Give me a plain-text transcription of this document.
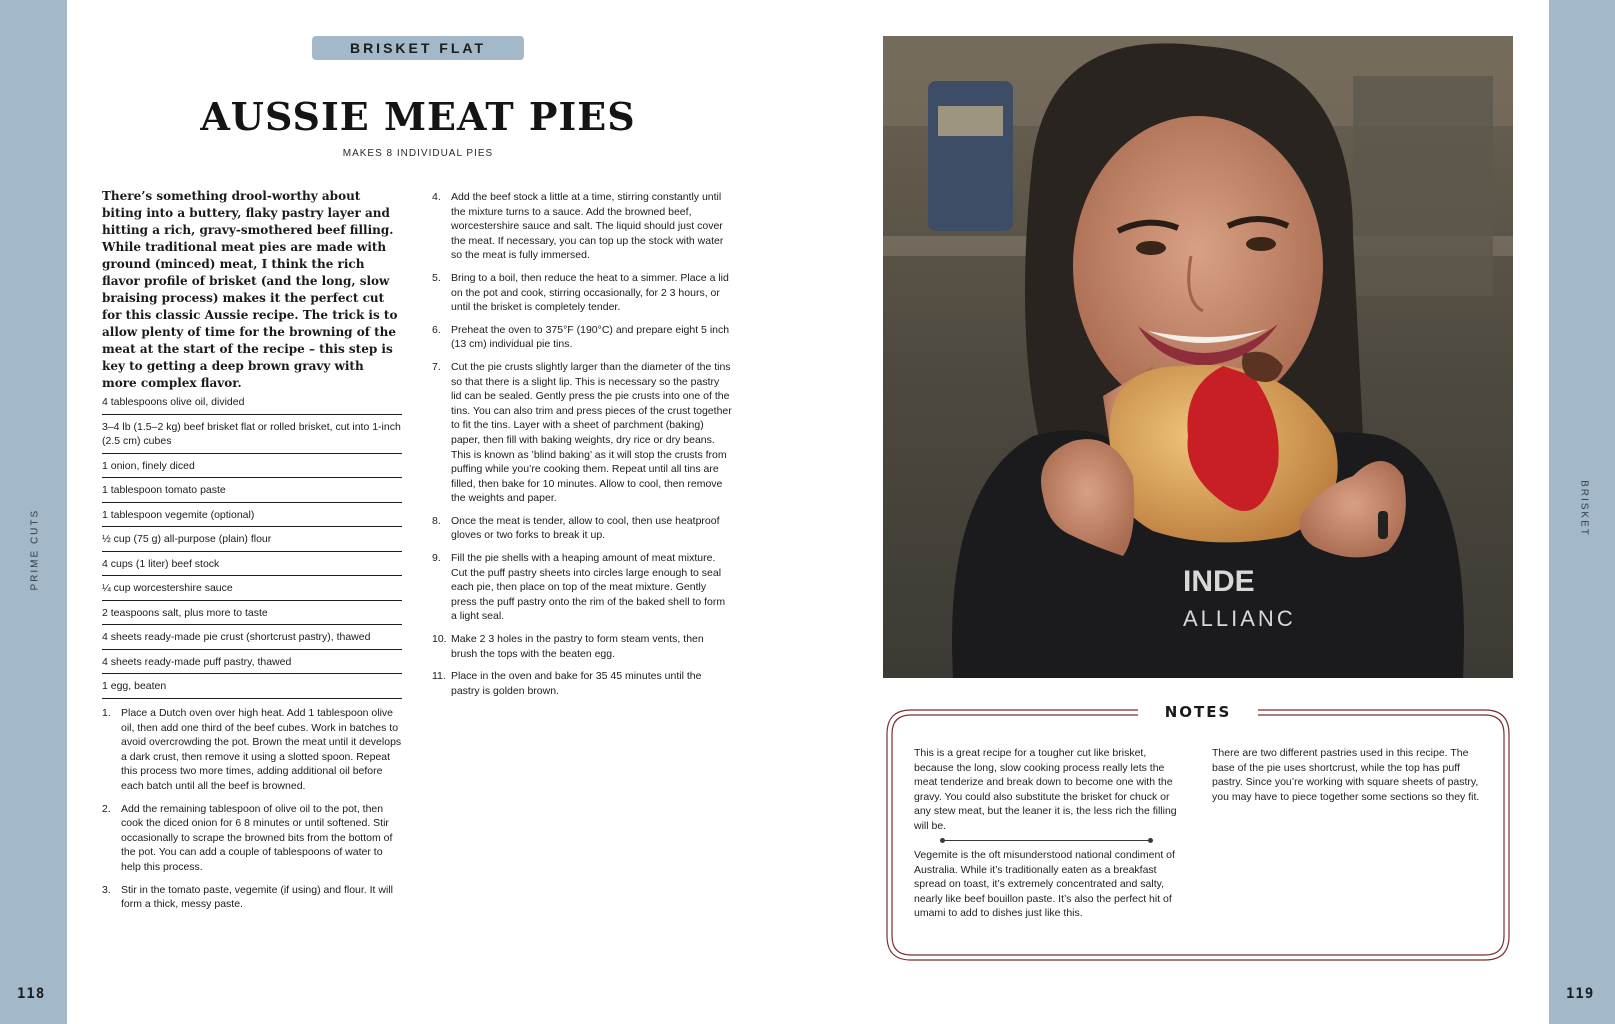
PRIME CUTS
BRISKET
118	119
BRISKET FLAT
AUSSIE MEAT PIES
MAKES 8 INDIVIDUAL PIES

There’s something drool-worthy about biting into a buttery, flaky pastry layer and hitting a rich, gravy-smothered beef filling. While traditional meat pies are made with ground (minced) meat, I think the rich flavor profile of brisket (and the long, slow braising process) makes it the perfect cut for this classic Aussie recipe. The trick is to allow plenty of time for the browning of the meat at the start of the recipe – this step is key to getting a deep brown gravy with more complex flavor.

4 tablespoons olive oil, divided
3–4 lb (1.5–2 kg) beef brisket flat or rolled brisket, cut into 1-inch (2.5 cm) cubes
1 onion, finely diced
1 tablespoon tomato paste
1 tablespoon vegemite (optional)
½ cup (75 g) all-purpose (plain) flour
4 cups (1 liter) beef stock
¼ cup worcestershire sauce
2 teaspoons salt, plus more to taste
4 sheets ready-made pie crust (shortcrust pastry), thawed
4 sheets ready-made puff pastry, thawed
1 egg, beaten
1. Place a Dutch oven over high heat. Add 1 tablespoon olive oil, then add one third of the beef cubes. Work in batches to avoid overcrowding the pot. Brown the meat until it develops a dark crust, then remove it using a slotted spoon. Repeat this process two more times, adding additional oil before each batch until all the beef is browned.
2. Add the remaining tablespoon of olive oil to the pot, then cook the diced onion for 6 8 minutes or until softened. Stir occasionally to scrape the browned bits from the bottom of the pot. You can add a couple of tablespoons of water to help this process.
3. Stir in the tomato paste, vegemite (if using) and flour. It will form a thick, messy paste.
4. Add the beef stock a little at a time, stirring constantly until the mixture turns to a sauce. Add the browned beef, worcestershire sauce and salt. The liquid should just cover the meat. If necessary, you can top up the stock with water so the meat is fully immersed.
5. Bring to a boil, then reduce the heat to a simmer. Place a lid on the pot and cook, stirring occasionally, for 2 3 hours, or until the brisket is completely tender.
6. Preheat the oven to 375°F (190°C) and prepare eight 5 inch (13 cm) individual pie tins.
7. Cut the pie crusts slightly larger than the diameter of the tins so that there is a slight lip. This is necessary so the pastry lid can be sealed. Gently press the pie crusts into one of the tins. You can also trim and press pieces of the crust together to fit the tins. Layer with a sheet of parchment (baking) paper, then fill with baking weights, dry rice or dry beans. This is known as ’blind baking’ as it will stop the crusts from puffing while you’re cooking them. Repeat until all tins are filled, then bake for 10 minutes. Allow to cool, then remove the weights and paper.
8. Once the meat is tender, allow to cool, then use heatproof gloves or two forks to break it up.
9. Fill the pie shells with a heaping amount of meat mixture. Cut the puff pastry sheets into circles large enough to seal each pie, then place on top of the meat mixture. Gently press the puff pastry onto the rim of the baked shell to form a light seal.
10. Make 2 3 holes in the pastry to form steam vents, then brush the tops with the beaten egg.
11. Place in the oven and bake for 35 45 minutes until the pastry is golden brown.
INDE
ALLIANC
NOTES
This is a great recipe for a tougher cut like brisket, because the long, slow cooking process really lets the meat tenderize and break down to become one with the gravy. You could also substitute the brisket for chuck or any stew meat, but the leaner it is, the less rich the filling will be.
There are two different pastries used in this recipe. The base of the pie uses shortcrust, while the top has puff pastry. Since you’re working with square sheets of pastry, you may have to piece together some sections so they fit.
Vegemite is the oft misunderstood national condiment of Australia. While it’s traditionally eaten as a breakfast spread on toast, it’s extremely concentrated and salty, nearly like beef bouillon paste. It’s also the perfect hit of umami to add to dishes just like this.
